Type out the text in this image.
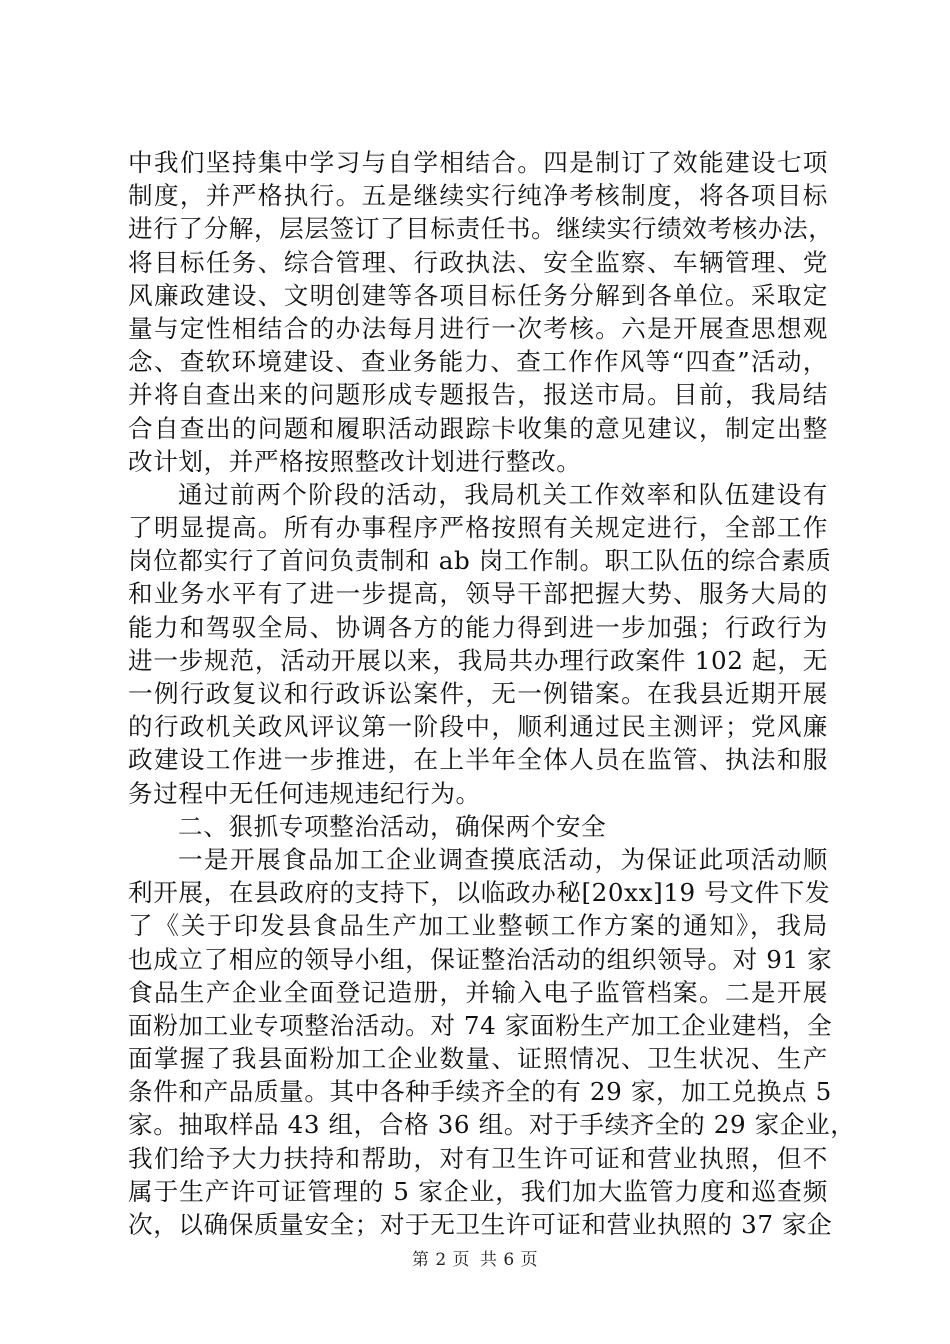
中我们坚持集中学习与自学相结合。四是制订了效能建设七项
制度，并严格执行。五是继续实行纯净考核制度，将各项目标
进行了分解，层层签订了目标责任书。继续实行绩效考核办法，
将目标任务、综合管理、行政执法、安全监察、车辆管理、党
风廉政建设、文明创建等各项目标任务分解到各单位。采取定
量与定性相结合的办法每月进行一次考核。六是开展查思想观
念、查软环境建设、查业务能力、查工作作风等“四查”活动，
并将自查出来的问题形成专题报告，报送市局。目前，我局结
合自查出的问题和履职活动跟踪卡收集的意见建议，制定出整
改计划，并严格按照整改计划进行整改。
通过前两个阶段的活动，我局机关工作效率和队伍建设有
了明显提高。所有办事程序严格按照有关规定进行，全部工作
岗位都实行了首问负责制和 ab 岗工作制。职工队伍的综合素质
和业务水平有了进一步提高，领导干部把握大势、服务大局的
能力和驾驭全局、协调各方的能力得到进一步加强；行政行为
进一步规范，活动开展以来，我局共办理行政案件 102 起，无
一例行政复议和行政诉讼案件，无一例错案。在我县近期开展
的行政机关政风评议第一阶段中，顺利通过民主测评；党风廉
政建设工作进一步推进，在上半年全体人员在监管、执法和服
务过程中无任何违规违纪行为。
二、狠抓专项整治活动，确保两个安全
一是开展食品加工企业调查摸底活动，为保证此项活动顺
利开展，在县政府的支持下，以临政办秘[20xx]19 号文件下发
了《关于印发县食品生产加工业整顿工作方案的通知》，我局
也成立了相应的领导小组，保证整治活动的组织领导。对 91 家
食品生产企业全面登记造册，并输入电子监管档案。二是开展
面粉加工业专项整治活动。对 74 家面粉生产加工企业建档，全
面掌握了我县面粉加工企业数量、证照情况、卫生状况、生产
条件和产品质量。其中各种手续齐全的有 29 家，加工兑换点 5
家。抽取样品 43 组，合格 36 组。对于手续齐全的 29 家企业，
我们给予大力扶持和帮助，对有卫生许可证和营业执照，但不
属于生产许可证管理的 5 家企业，我们加大监管力度和巡查频
次，以确保质量安全；对于无卫生许可证和营业执照的 37 家企
第 2 页 共 6 页
